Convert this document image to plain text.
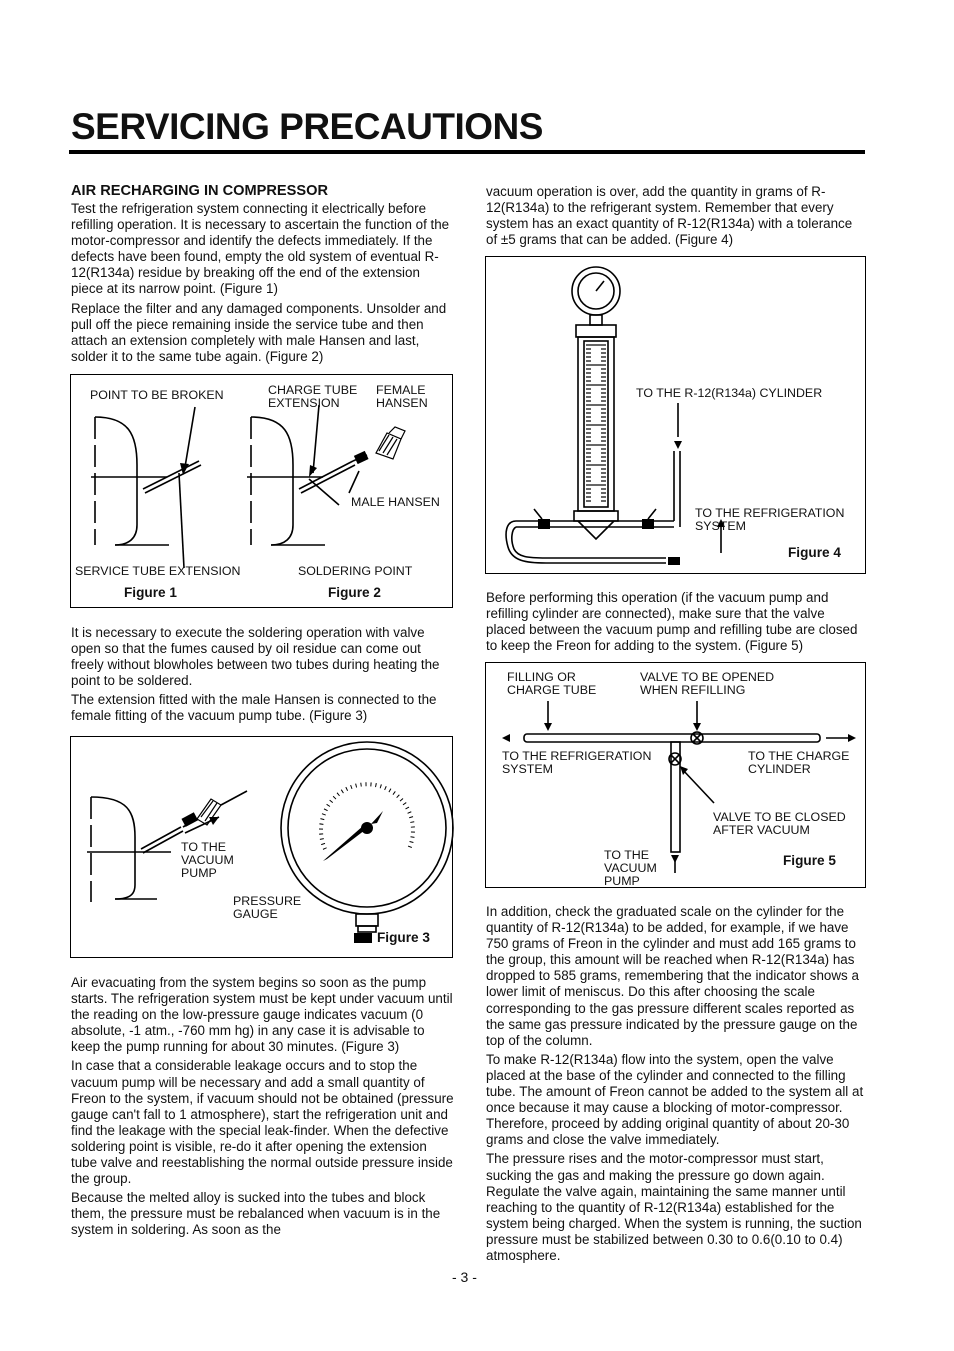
SERVICING PRECAUTIONS
AIR RECHARGING IN COMPRESSOR

Test the refrigeration system connecting it electrically before refilling operation. It is necessary to ascertain the function of the motor-compressor and identify the defects immediately. If the defects have been found, empty the old system of eventual R-12(R134a) residue by breaking off the end of the extension piece at its narrow point. (Figure 1)

Replace the filter and any damaged components. Unsolder and pull off the piece remaining inside the service tube and then attach an extension completely with male Hansen and last, solder it to the same tube again. (Figure 2)

POINT TO BE BROKEN	CHARGE TUBE
EXTENSION
FEMALE
HANSEN
MALE HANSEN
SERVICE TUBE EXTENSION	SOLDERING POINT
Figure 1	Figure 2

It is necessary to execute the soldering operation with valve open so that the fumes caused by oil residue can come out freely without blowholes between two tubes during heating the point to be soldered.

The extension fitted with the male Hansen is connected to the female fitting of the vacuum pump tube. (Figure 3)

TO THE
VACUUM
PUMP
PRESSURE
GAUGE
Figure 3

Air evacuating from the system begins so soon as the pump starts. The refrigeration system must be kept under vacuum until the reading on the low-pressure gauge indicates vacuum (0 absolute, -1 atm., -760 mm hg) in any case it is advisable to keep the pump running for about 30 minutes. (Figure 3)

In case that a considerable leakage occurs and to stop the vacuum pump will be necessary and add a small quantity of Freon to the system, if vacuum should not be obtained (pressure gauge can't fall to 1 atmosphere), start the refrigeration unit and find the leakage with the special leak-finder. When the defective soldering point is visible, re-do it after opening the extension tube valve and reestablishing the normal outside pressure inside the group.

Because the melted alloy is sucked into the tubes and block them, the pressure must be rebalanced when vacuum is in the system in soldering. As soon as the

vacuum operation is over, add the quantity in grams of R-12(R134a) to the refrigerant system. Remember that every system has an exact quantity of R-12(R134a) with a tolerance of ±5 grams that can be added. (Figure 4)

TO THE R-12(R134a) CYLINDER
TO THE REFRIGERATION
SYSTEM
Figure 4

Before performing this operation (if the vacuum pump and refilling cylinder are connected), make sure that the valve placed between the vacuum pump and refilling tube are closed to keep the Freon for adding to the system. (Figure 5)

FILLING OR
CHARGE TUBE
VALVE TO BE OPENED
WHEN REFILLING
TO THE REFRIGERATION
SYSTEM
TO THE CHARGE
CYLINDER
VALVE TO BE CLOSED
AFTER VACUUM
TO THE
VACUUM
PUMP
Figure 5

In addition, check the graduated scale on the cylinder for the quantity of R-12(R134a) to be added, for example, if we have 750 grams of Freon in the cylinder and must add 165 grams to the group, this amount will be reached when R-12(R134a) has dropped to 585 grams, remembering that the indicator shows a lower limit of meniscus. Do this after choosing the scale corresponding to the gas pressure different scales reported as the same gas pressure indicated by the pressure gauge on the top of the column.

To make R-12(R134a) flow into the system, open the valve placed at the base of the cylinder and connected to the filling tube. The amount of Freon cannot be added to the system all at once because it may cause a blocking of motor-compressor. Therefore, proceed by adding original quantity of about 20-30 grams and close the valve immediately.

The pressure rises and the motor-compressor must start, sucking the gas and making the pressure go down again. Regulate the valve again, maintaining the same manner until reaching to the quantity of R-12(R134a) established for the system being charged. When the system is running, the suction pressure must be stabilized between 0.30 to 0.6(0.10 to 0.4) atmosphere.

- 3 -
